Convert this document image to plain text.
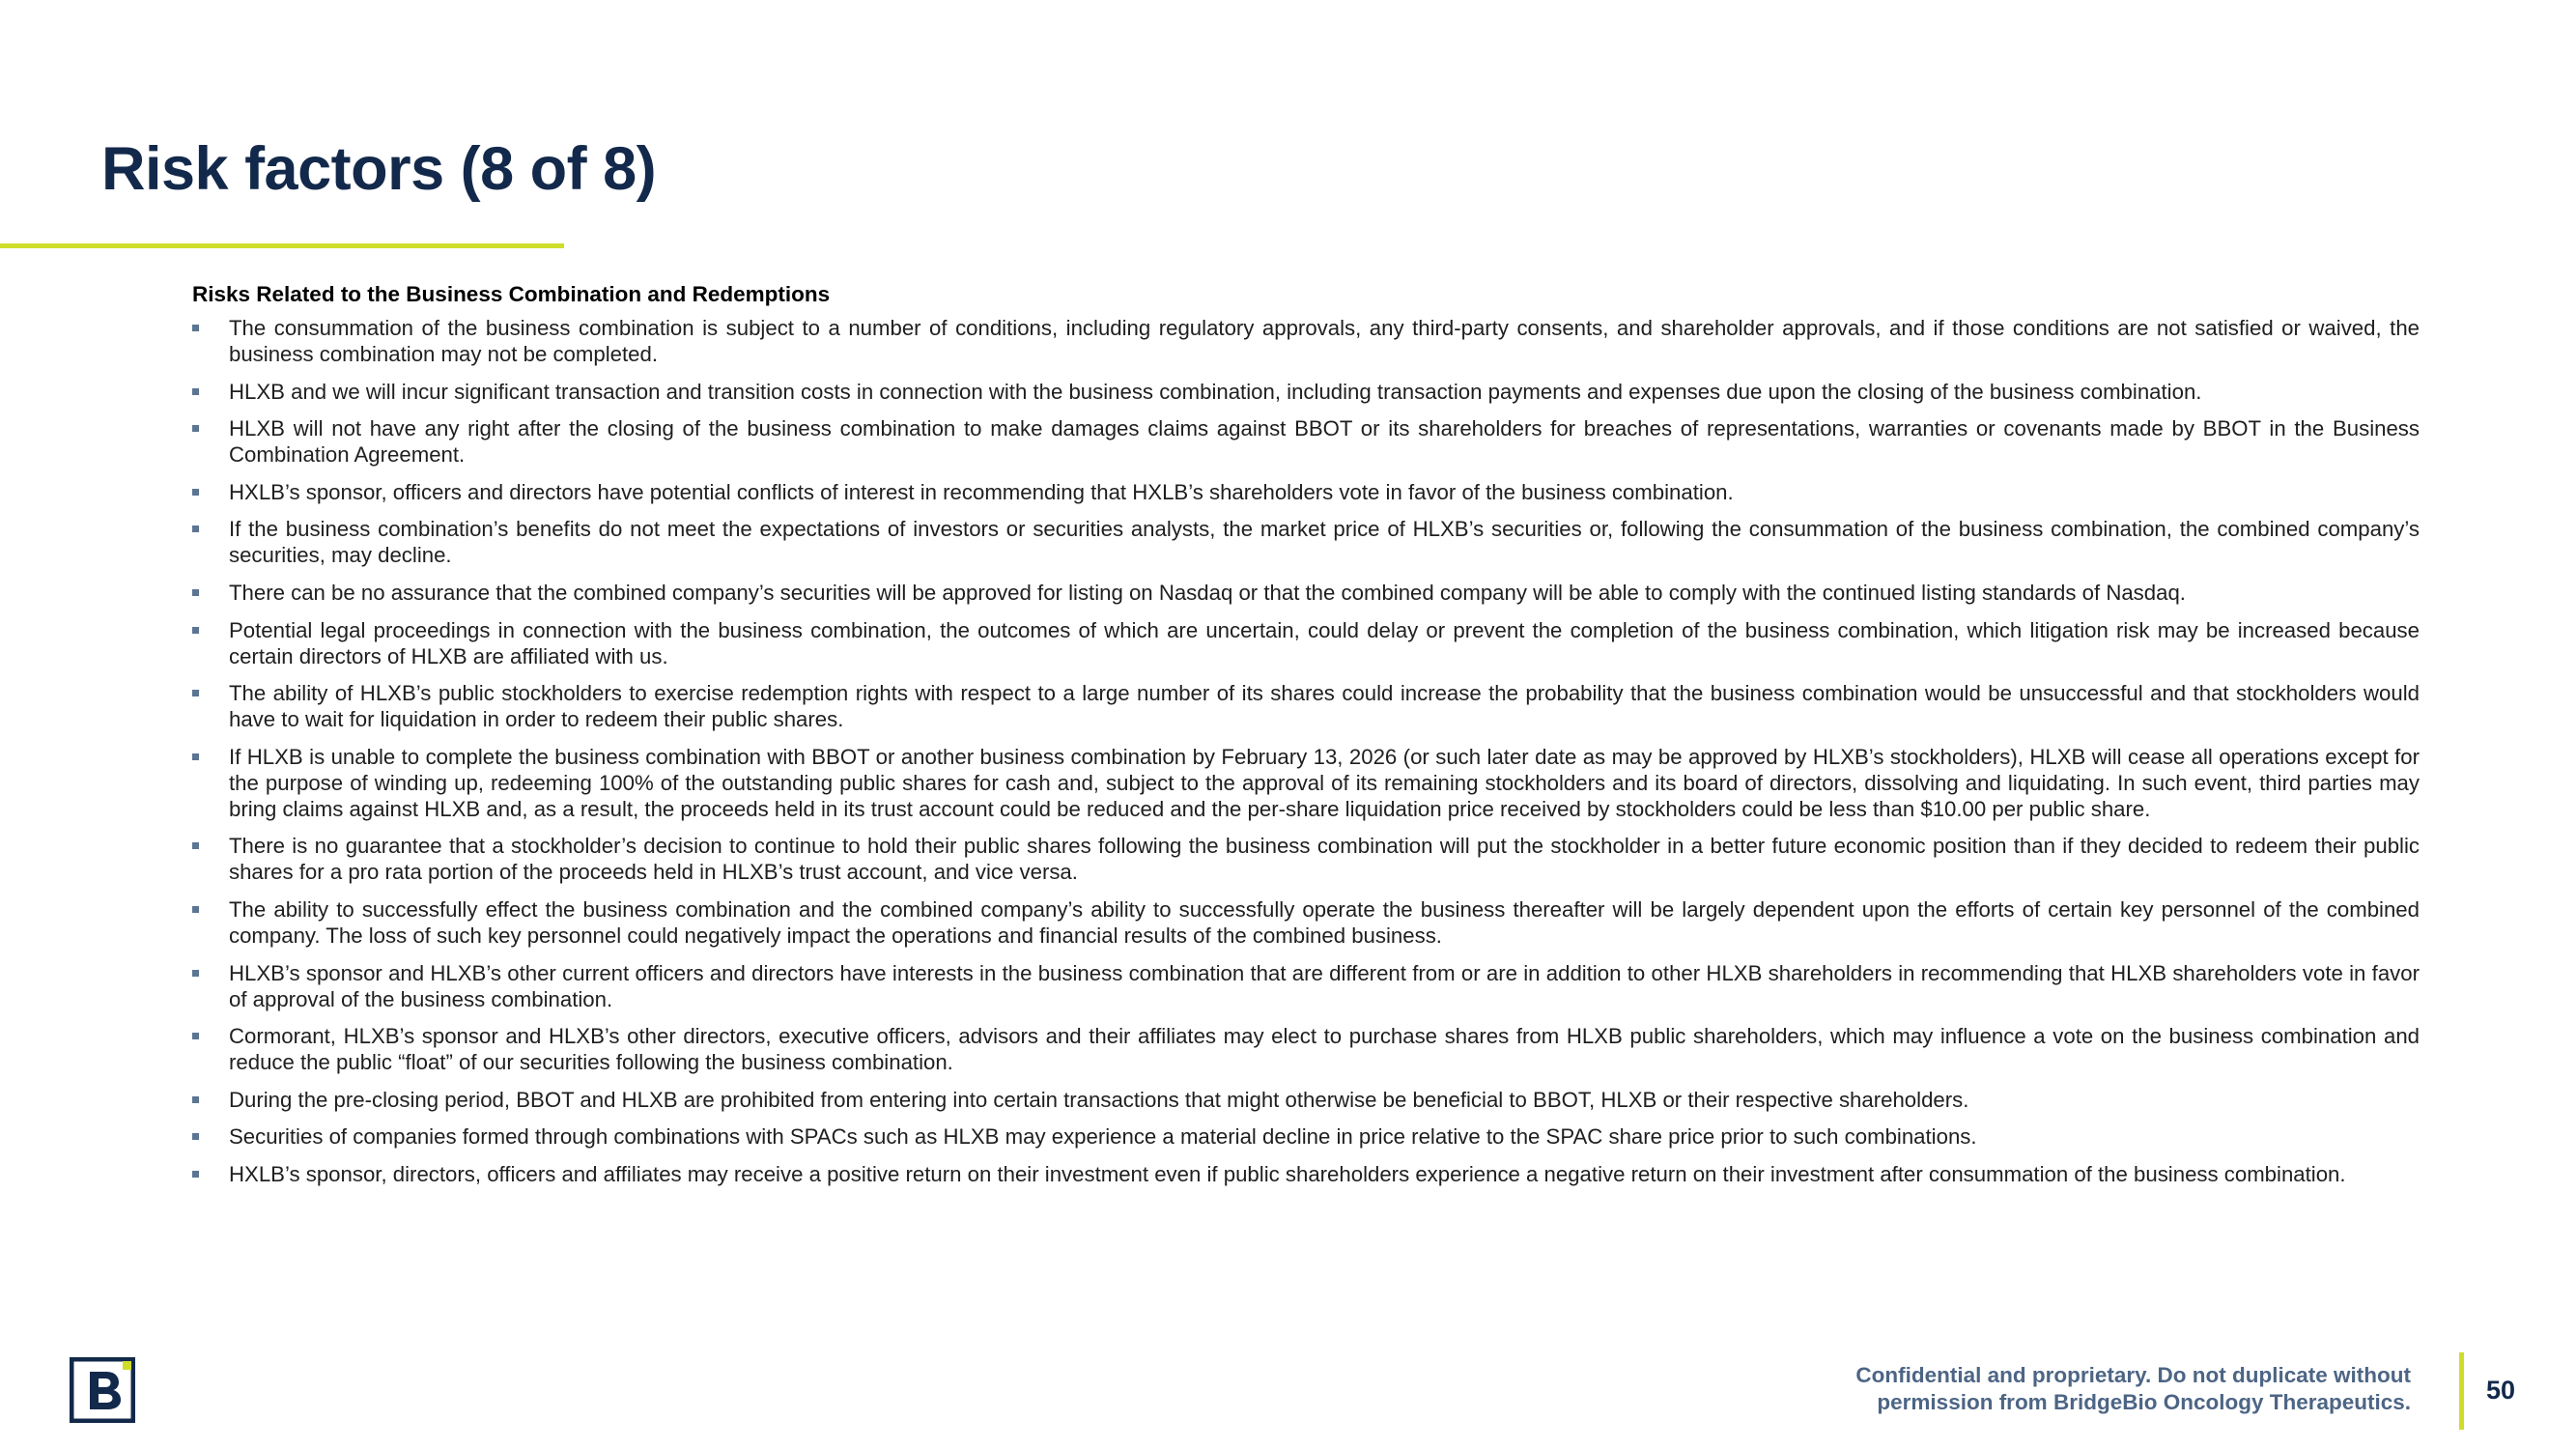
Risk factors (8 of 8)
Risks Related to the Business Combination and Redemptions
The consummation of the business combination is subject to a number of conditions, including regulatory approvals, any third-party consents, and shareholder approvals, and if those conditions are not satisfied or waived, the business combination may not be completed.
HLXB and we will incur significant transaction and transition costs in connection with the business combination, including transaction payments and expenses due upon the closing of the business combination.
HLXB will not have any right after the closing of the business combination to make damages claims against BBOT or its shareholders for breaches of representations, warranties or covenants made by BBOT in the Business Combination Agreement.
HXLB’s sponsor, officers and directors have potential conflicts of interest in recommending that HXLB’s shareholders vote in favor of the business combination.
If the business combination’s benefits do not meet the expectations of investors or securities analysts, the market price of HLXB’s securities or, following the consummation of the business combination, the combined company’s securities, may decline.
There can be no assurance that the combined company’s securities will be approved for listing on Nasdaq or that the combined company will be able to comply with the continued listing standards of Nasdaq.
Potential legal proceedings in connection with the business combination, the outcomes of which are uncertain, could delay or prevent the completion of the business combination, which litigation risk may be increased because certain directors of HLXB are affiliated with us.
The ability of HLXB’s public stockholders to exercise redemption rights with respect to a large number of its shares could increase the probability that the business combination would be unsuccessful and that stockholders would have to wait for liquidation in order to redeem their public shares.
If HLXB is unable to complete the business combination with BBOT or another business combination by February 13, 2026 (or such later date as may be approved by HLXB’s stockholders), HLXB will cease all operations except for the purpose of winding up, redeeming 100% of the outstanding public shares for cash and, subject to the approval of its remaining stockholders and its board of directors, dissolving and liquidating. In such event, third parties may bring claims against HLXB and, as a result, the proceeds held in its trust account could be reduced and the per-share liquidation price received by stockholders could be less than $10.00 per public share.
There is no guarantee that a stockholder’s decision to continue to hold their public shares following the business combination will put the stockholder in a better future economic position than if they decided to redeem their public shares for a pro rata portion of the proceeds held in HLXB’s trust account, and vice versa.
The ability to successfully effect the business combination and the combined company’s ability to successfully operate the business thereafter will be largely dependent upon the efforts of certain key personnel of the combined company. The loss of such key personnel could negatively impact the operations and financial results of the combined business.
HLXB’s sponsor and HLXB’s other current officers and directors have interests in the business combination that are different from or are in addition to other HLXB shareholders in recommending that HLXB shareholders vote in favor of approval of the business combination.
Cormorant, HLXB’s sponsor and HLXB’s other directors, executive officers, advisors and their affiliates may elect to purchase shares from HLXB public shareholders, which may influence a vote on the business combination and reduce the public “float” of our securities following the business combination.
During the pre-closing period, BBOT and HLXB are prohibited from entering into certain transactions that might otherwise be beneficial to BBOT, HLXB or their respective shareholders.
Securities of companies formed through combinations with SPACs such as HLXB may experience a material decline in price relative to the SPAC share price prior to such combinations.
HXLB’s sponsor, directors, officers and affiliates may receive a positive return on their investment even if public shareholders experience a negative return on their investment after consummation of the business combination.
Confidential and proprietary. Do not duplicate without
permission from BridgeBio Oncology Therapeutics.	50
